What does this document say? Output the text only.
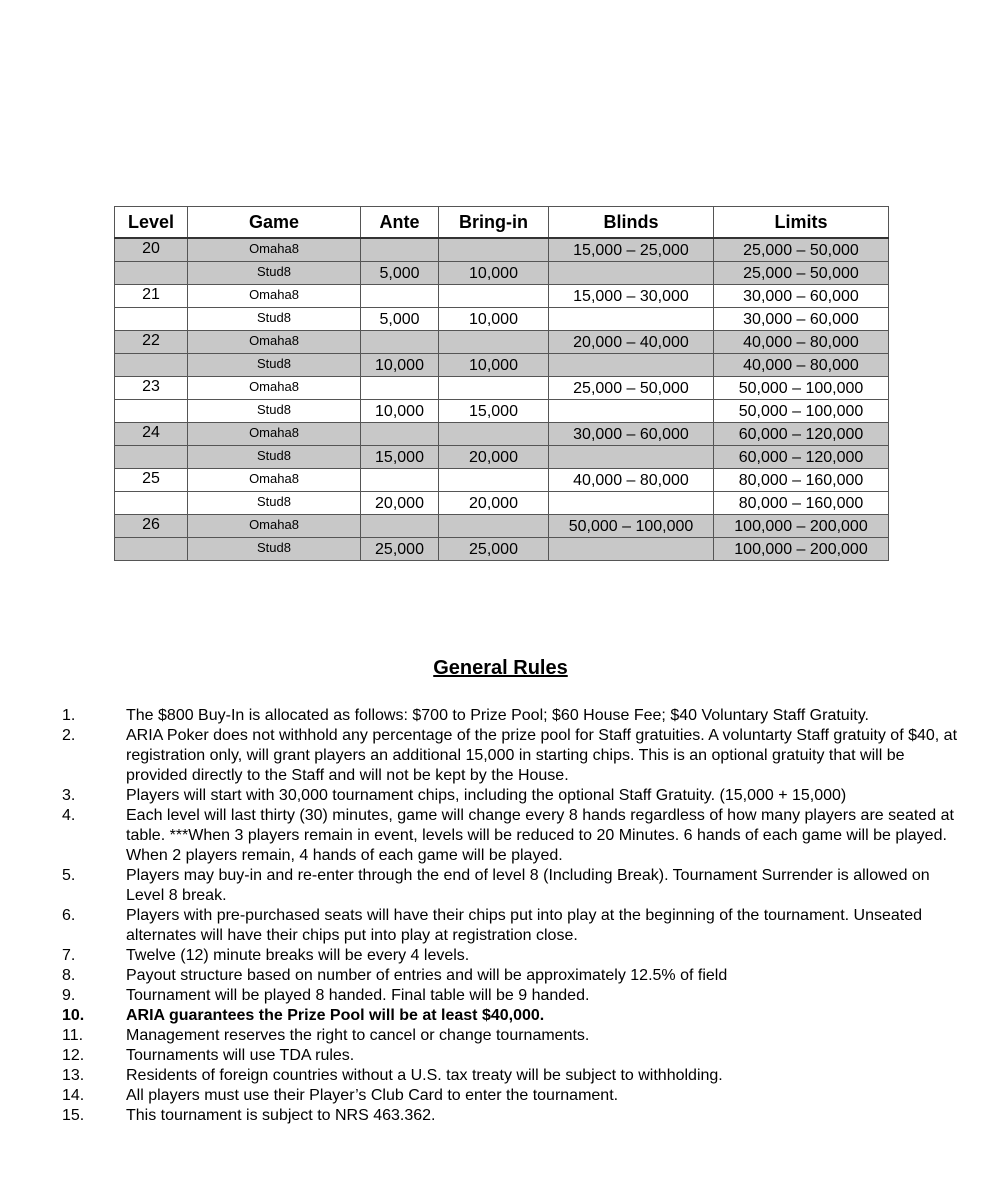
Level	Game	Ante	Bring-in	Blinds	Limits
20	Omaha8			15,000 – 25,000	25,000 – 50,000
	Stud8	5,000	10,000		25,000 – 50,000
21	Omaha8			15,000 – 30,000	30,000 – 60,000
	Stud8	5,000	10,000		30,000 – 60,000
22	Omaha8			20,000 – 40,000	40,000 – 80,000
	Stud8	10,000	10,000		40,000 – 80,000
23	Omaha8			25,000 – 50,000	50,000 – 100,000
	Stud8	10,000	15,000		50,000 – 100,000
24	Omaha8			30,000 – 60,000	60,000 – 120,000
	Stud8	15,000	20,000		60,000 – 120,000
25	Omaha8			40,000 – 80,000	80,000 – 160,000
	Stud8	20,000	20,000		80,000 – 160,000
26	Omaha8			50,000 – 100,000	100,000 – 200,000
	Stud8	25,000	25,000		100,000 – 200,000
General Rules
1.	The $800 Buy-In is allocated as follows: $700 to Prize Pool; $60 House Fee; $40 Voluntary Staff Gratuity.
2.	ARIA Poker does not withhold any percentage of the prize pool for Staff gratuities. A voluntarty Staff gratuity of $40, at registration only, will grant players an additional 15,000 in starting chips. This is an optional gratuity that will be provided directly to the Staff and will not be kept by the House.
3.	Players will start with 30,000 tournament chips, including the optional Staff Gratuity. (15,000 + 15,000)
4.	Each level will last thirty (30) minutes, game will change every 8 hands regardless of how many players are seated at table. ***When 3 players remain in event, levels will be reduced to 20 Minutes. 6 hands of each game will be played. When 2 players remain, 4 hands of each game will be played.
5.	Players may buy-in and re-enter through the end of level 8 (Including Break). Tournament Surrender is allowed on Level 8 break.
6.	Players with pre-purchased seats will have their chips put into play at the beginning of the tournament. Unseated alternates will have their chips put into play at registration close.
7.	Twelve (12) minute breaks will be every 4 levels.
8.	Payout structure based on number of entries and will be approximately 12.5% of field
9.	Tournament will be played 8 handed. Final table will be 9 handed.
10.	ARIA guarantees the Prize Pool will be at least $40,000.
11.	Management reserves the right to cancel or change tournaments.
12.	Tournaments will use TDA rules.
13.	Residents of foreign countries without a U.S. tax treaty will be subject to withholding.
14.	All players must use their Player’s Club Card to enter the tournament.
15.	This tournament is subject to NRS 463.362.
